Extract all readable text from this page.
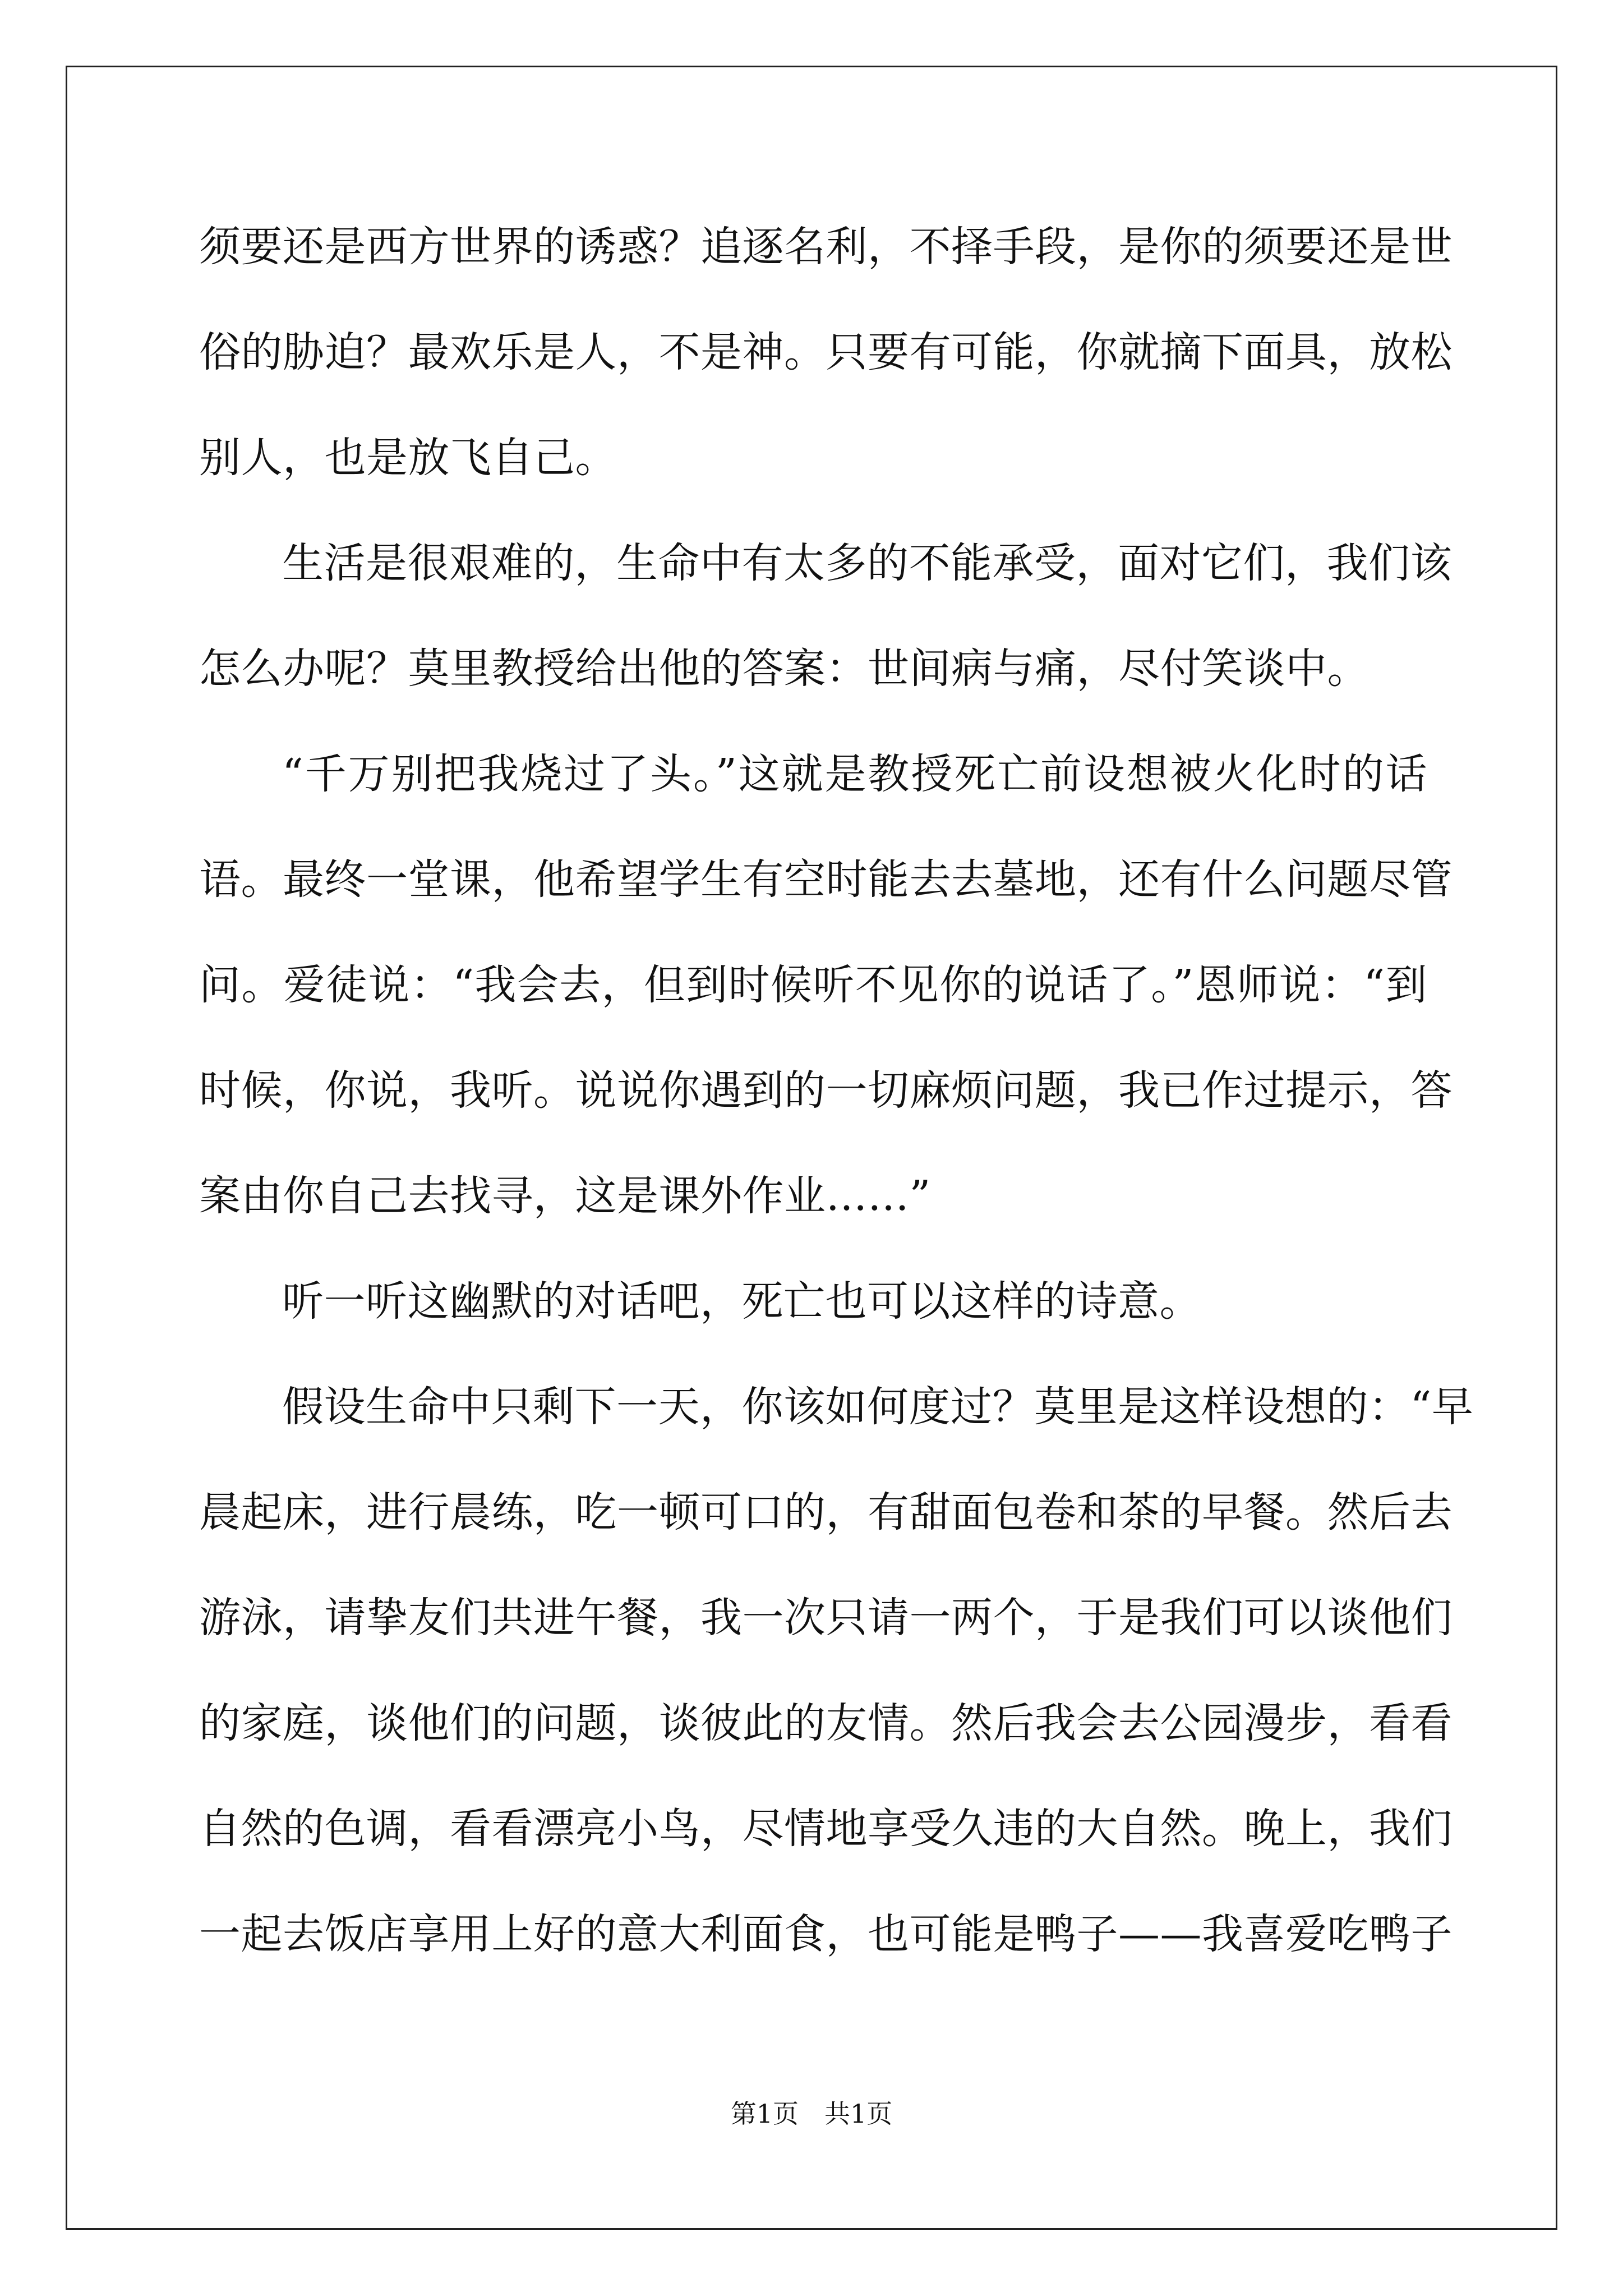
须要还是西方世界的诱惑？追逐名利，不择手段，是你的须要还是世
俗的胁迫？最欢乐是人，不是神。只要有可能，你就摘下面具，放松
别人，也是放飞自己。
生活是很艰难的，生命中有太多的不能承受，面对它们，我们该
怎么办呢？莫里教授给出他的答案：世间病与痛，尽付笑谈中。
“千万别把我烧过了头。”这就是教授死亡前设想被火化时的话
语。最终一堂课，他希望学生有空时能去去墓地，还有什么问题尽管
问。爱徒说：“我会去，但到时候听不见你的说话了。”恩师说：“到
时候，你说，我听。说说你遇到的一切麻烦问题，我已作过提示，答
案由你自己去找寻，这是课外作业……”
听一听这幽默的对话吧，死亡也可以这样的诗意。
假设生命中只剩下一天，你该如何度过？莫里是这样设想的：“早
晨起床，进行晨练，吃一顿可口的，有甜面包卷和茶的早餐。然后去
游泳，请挚友们共进午餐，我一次只请一两个，于是我们可以谈他们
的家庭，谈他们的问题，谈彼此的友情。然后我会去公园漫步，看看
自然的色调，看看漂亮小鸟，尽情地享受久违的大自然。晚上，我们
一起去饭店享用上好的意大利面食，也可能是鸭子——我喜爱吃鸭子
第1页 共1页
